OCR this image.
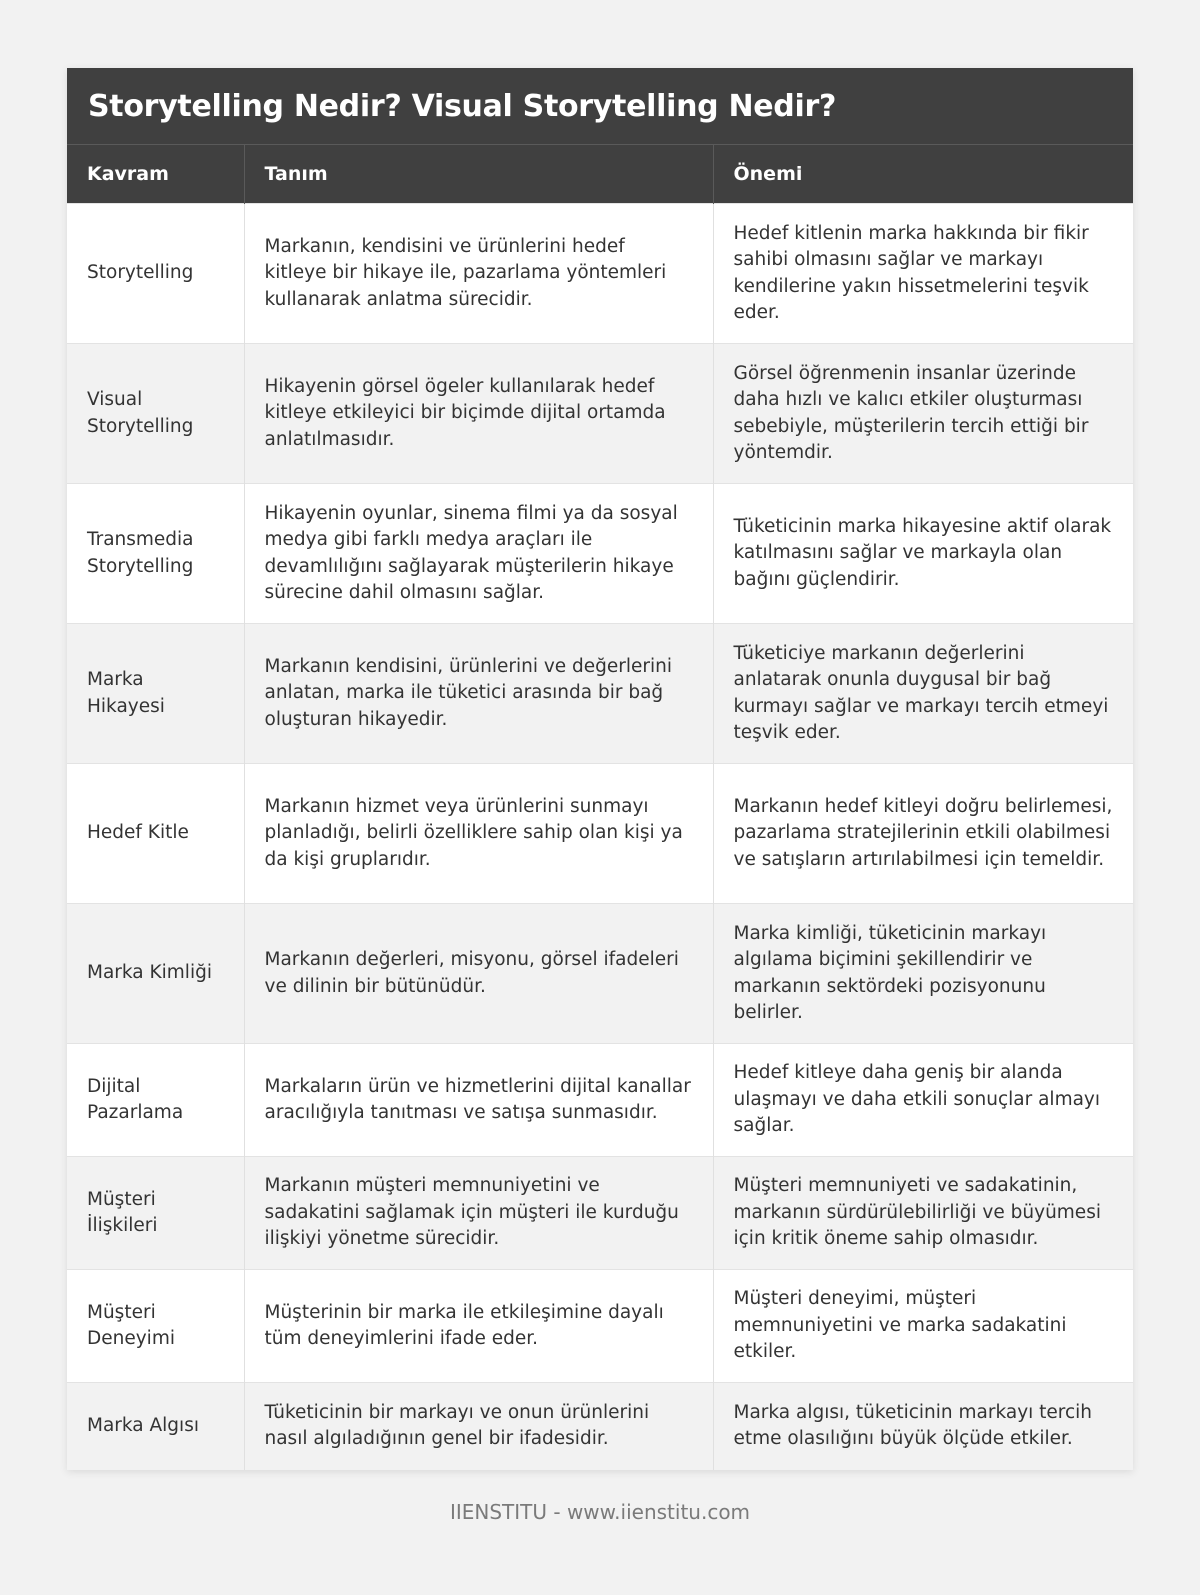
Storytelling Nedir? Visual Storytelling Nedir?
Kavram	Tanım	Önemi
Storytelling	Markanın, kendisini ve ürünlerini hedef kitleye bir hikaye ile, pazarlama yöntemleri kullanarak anlatma sürecidir.	Hedef kitlenin marka hakkında bir fikir sahibi olmasını sağlar ve markayı kendilerine yakın hissetmelerini teşvik eder.
Visual Storytelling	Hikayenin görsel ögeler kullanılarak hedef kitleye etkileyici bir biçimde dijital ortamda anlatılmasıdır.	Görsel öğrenmenin insanlar üzerinde daha hızlı ve kalıcı etkiler oluşturması sebebiyle, müşterilerin tercih ettiği bir yöntemdir.
Transmedia Storytelling	Hikayenin oyunlar, sinema filmi ya da sosyal medya gibi farklı medya araçları ile devamlılığını sağlayarak müşterilerin hikaye sürecine dahil olmasını sağlar.	Tüketicinin marka hikayesine aktif olarak katılmasını sağlar ve markayla olan bağını güçlendirir.
Marka Hikayesi	Markanın kendisini, ürünlerini ve değerlerini anlatan, marka ile tüketici arasında bir bağ oluşturan hikayedir.	Tüketiciye markanın değerlerini anlatarak onunla duygusal bir bağ kurmayı sağlar ve markayı tercih etmeyi teşvik eder.
Hedef Kitle	Markanın hizmet veya ürünlerini sunmayı planladığı, belirli özelliklere sahip olan kişi ya da kişi gruplarıdır.	Markanın hedef kitleyi doğru belirlemesi, pazarlama stratejilerinin etkili olabilmesi ve satışların artırılabilmesi için temeldir.
Marka Kimliği	Markanın değerleri, misyonu, görsel ifadeleri ve dilinin bir bütünüdür.	Marka kimliği, tüketicinin markayı algılama biçimini şekillendirir ve markanın sektördeki pozisyonunu belirler.
Dijital Pazarlama	Markaların ürün ve hizmetlerini dijital kanallar aracılığıyla tanıtması ve satışa sunmasıdır.	Hedef kitleye daha geniş bir alanda ulaşmayı ve daha etkili sonuçlar almayı sağlar.
Müşteri İlişkileri	Markanın müşteri memnuniyetini ve sadakatini sağlamak için müşteri ile kurduğu ilişkiyi yönetme sürecidir.	Müşteri memnuniyeti ve sadakatinin, markanın sürdürülebilirliği ve büyümesi için kritik öneme sahip olmasıdır.
Müşteri Deneyimi	Müşterinin bir marka ile etkileşimine dayalı tüm deneyimlerini ifade eder.	Müşteri deneyimi, müşteri memnuniyetini ve marka sadakatini etkiler.
Marka Algısı	Tüketicinin bir markayı ve onun ürünlerini nasıl algıladığının genel bir ifadesidir.	Marka algısı, tüketicinin markayı tercih etme olasılığını büyük ölçüde etkiler.
IIENSTITU - www.iienstitu.com
